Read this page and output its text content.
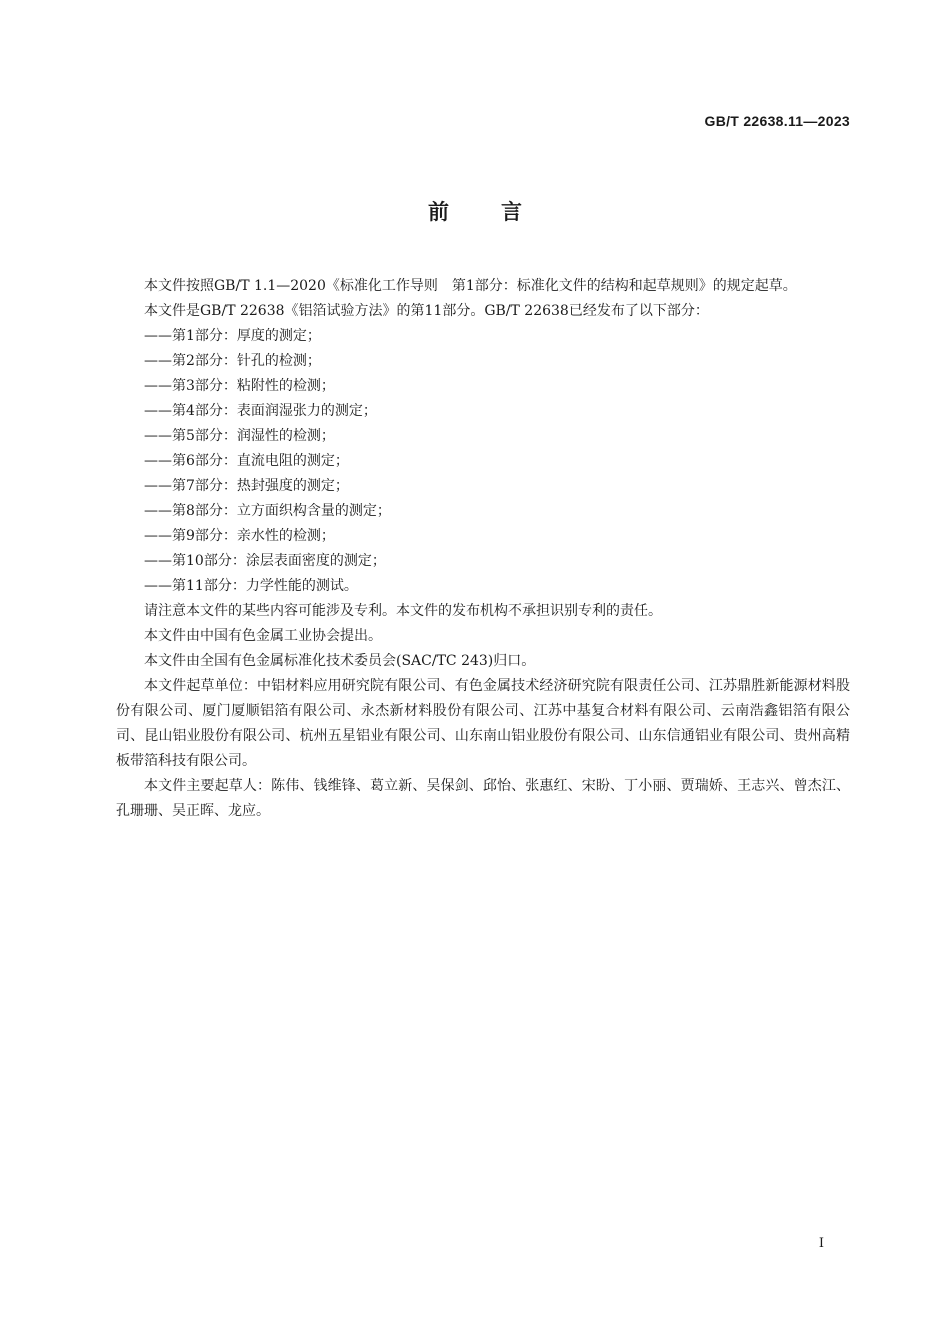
GB/T 22638.11—2023
前言

本文件按照GB/T 1.1—2020《标准化工作导则　第1部分：标准化文件的结构和起草规则》的规定起草。

本文件是GB/T 22638《铝箔试验方法》的第11部分。GB/T 22638已经发布了以下部分：

——第1部分：厚度的测定；

——第2部分：针孔的检测；

——第3部分：粘附性的检测；

——第4部分：表面润湿张力的测定；

——第5部分：润湿性的检测；

——第6部分：直流电阻的测定；

——第7部分：热封强度的测定；

——第8部分：立方面织构含量的测定；

——第9部分：亲水性的检测；

——第10部分：涂层表面密度的测定；

——第11部分：力学性能的测试。

请注意本文件的某些内容可能涉及专利。本文件的发布机构不承担识别专利的责任。

本文件由中国有色金属工业协会提出。

本文件由全国有色金属标准化技术委员会(SAC/TC 243)归口。

本文件起草单位：中铝材料应用研究院有限公司、有色金属技术经济研究院有限责任公司、江苏鼎胜新能源材料股份有限公司、厦门厦顺铝箔有限公司、永杰新材料股份有限公司、江苏中基复合材料有限公司、云南浩鑫铝箔有限公司、昆山铝业股份有限公司、杭州五星铝业有限公司、山东南山铝业股份有限公司、山东信通铝业有限公司、贵州高精板带箔科技有限公司。

本文件主要起草人：陈伟、钱维锋、葛立新、吴保剑、邱怡、张惠红、宋盼、丁小丽、贾瑞娇、王志兴、曾杰江、孔珊珊、吴正晖、龙应。

I
